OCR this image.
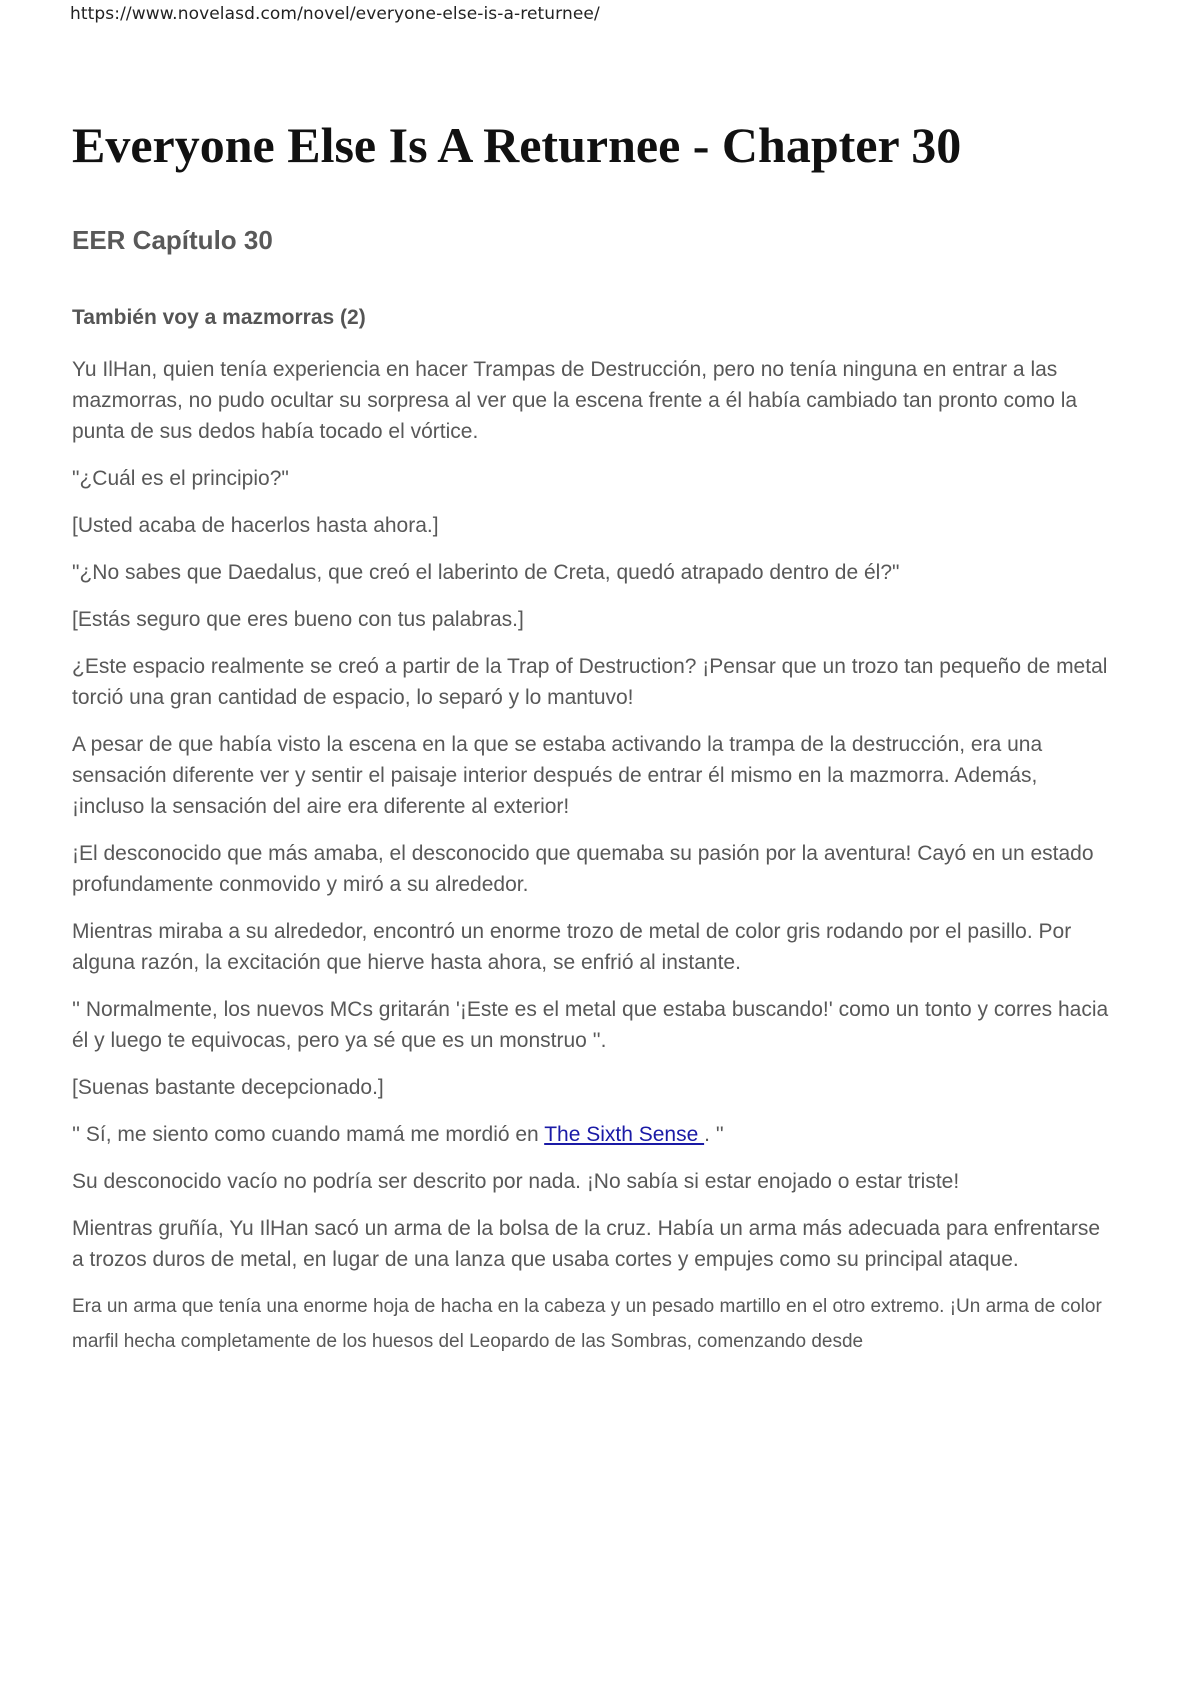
https://www.novelasd.com/novel/everyone-else-is-a-returnee/
Everyone Else Is A Returnee - Chapter 30
EER Capítulo 30
También voy a mazmorras (2)

Yu IlHan, quien tenía experiencia en hacer Trampas de Destrucción, pero no tenía ninguna en entrar a las mazmorras, no pudo ocultar su sorpresa al ver que la escena frente a él había cambiado tan pronto como la punta de sus dedos había tocado el vórtice.

"¿Cuál es el principio?"

[Usted acaba de hacerlos hasta ahora.]

"¿No sabes que Daedalus, que creó el laberinto de Creta, quedó atrapado dentro de él?"

[Estás seguro que eres bueno con tus palabras.]

¿Este espacio realmente se creó a partir de la Trap of Destruction? ¡Pensar que un trozo tan pequeño de metal torció una gran cantidad de espacio, lo separó y lo mantuvo!

A pesar de que había visto la escena en la que se estaba activando la trampa de la destrucción, era una sensación diferente ver y sentir el paisaje interior después de entrar él mismo en la mazmorra. Además, ¡incluso la sensación del aire era diferente al exterior!

¡El desconocido que más amaba, el desconocido que quemaba su pasión por la aventura! Cayó en un estado profundamente conmovido y miró a su alrededor.

Mientras miraba a su alrededor, encontró un enorme trozo de metal de color gris rodando por el pasillo. Por alguna razón, la excitación que hierve hasta ahora, se enfrió al instante.

'' Normalmente, los nuevos MCs gritarán '¡Este es el metal que estaba buscando!' como un tonto y corres hacia él y luego te equivocas, pero ya sé que es un monstruo ''.

[Suenas bastante decepcionado.]

'' Sí, me siento como cuando mamá me mordió en The Sixth Sense . ''

Su desconocido vacío no podría ser descrito por nada. ¡No sabía si estar enojado o estar triste!

Mientras gruñía, Yu IlHan sacó un arma de la bolsa de la cruz. Había un arma más adecuada para enfrentarse a trozos duros de metal, en lugar de una lanza que usaba cortes y empujes como su principal ataque.

Era un arma que tenía una enorme hoja de hacha en la cabeza y un pesado martillo en el otro extremo. ¡Un arma de color marfil hecha completamente de los huesos del Leopardo de las Sombras, comenzando desde
